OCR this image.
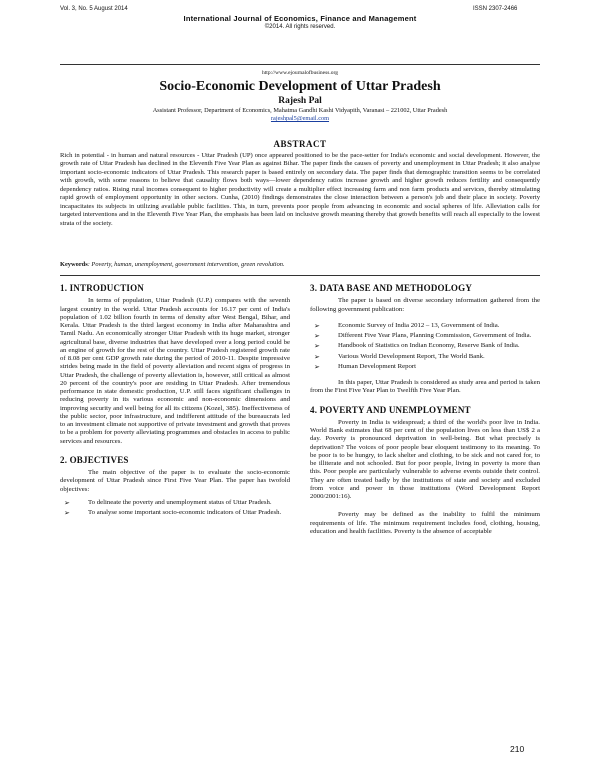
Vol. 3, No. 5 August 2014	ISSN 2307-2466
International Journal of Economics, Finance and Management
©2014. All rights reserved.
http://www.ejournalofbusiness.org
Socio-Economic Development of Uttar Pradesh
Rajesh Pal
Assistant Professor, Department of Economics, Mahatma Gandhi Kashi Vidyapith, Varanasi – 221002, Uttar Pradesh
rajeshpal5@email.com
ABSTRACT

Rich in potential - in human and natural resources - Uttar Pradesh (UP) once appeared positioned to be the pace-setter for India's economic and social development. However, the growth rate of Uttar Pradesh has declined in the Eleventh Five Year Plan as against Bihar. The paper finds the causes of poverty and unemployment in Uttar Pradesh; it also analyse important socio-economic indicators of Uttar Pradesh. This research paper is based entirely on secondary data. The paper finds that demographic transition seems to be correlated with growth, with some reasons to believe that causality flows both ways—lower dependency ratios increase growth and higher growth reduces fertility and consequently dependency ratios. Rising rural incomes consequent to higher productivity will create a multiplier effect increasing farm and non farm products and services, thereby stimulating rapid growth of employment opportunity in other sectors. Cunha, (2010) findings demonstrates the close interaction between a person's job and their place in society. Poverty incapacitates its subjects in utilizing available public facilities. This, in turn, prevents poor people from advancing in economic and social spheres of life. Alleviation calls for targeted interventions and in the Eleventh Five Year Plan, the emphasis has been laid on inclusive growth meaning thereby that growth benefits will reach all especially to the lowest strata of the society.

Keywords: Poverty, human, unemployment, government intervention, green revolution.

1. INTRODUCTION

In terms of population, Uttar Pradesh (U.P.) compares with the seventh largest country in the world. Uttar Pradesh accounts for 16.17 per cent of India's population of 1.02 billion fourth in terms of density after West Bengal, Bihar, and Kerala. Uttar Pradesh is the third largest economy in India after Maharashtra and Tamil Nadu. An economically stronger Uttar Pradesh with its huge market, stronger agricultural base, diverse industries that have developed over a long period could be an engine of growth for the rest of the country. Uttar Pradesh registered growth rate of 8.08 per cent GDP growth rate during the period of 2010-11. Despite impressive strides being made in the field of poverty alleviation and recent signs of progress in Uttar Pradesh, the challenge of poverty alleviation is, however, still critical as almost 20 percent of the country's poor are residing in Uttar Pradesh. After tremendous performance in state domestic production, U.P. still faces significant challenges in reducing poverty in its various economic and non-economic dimensions and improving security and well being for all its citizens (Kozel, 385). Ineffectiveness of the public sector, poor infrastructure, and indifferent attitude of the bureaucrats led to an investment climate not supportive of private investment and growth that proves to be a problem for poverty alleviating programmes and obstacles in access to public services and resources.

2. OBJECTIVES

The main objective of the paper is to evaluate the socio-economic development of Uttar Pradesh since First Five Year Plan. The paper has twofold objectives:

➢	To delineate the poverty and unemployment status of Uttar Pradesh.
➢	To analyse some important socio-economic indicators of Uttar Pradesh.
3. DATA BASE AND METHODOLOGY

The paper is based on diverse secondary information gathered from the following government publication:

➢	Economic Survey of India 2012 – 13, Government of India.
➢	Different Five Year Plans, Planning Commission, Government of India.
➢	Handbook of Statistics on Indian Economy, Reserve Bank of India.
➢	Various World Development Report, The World Bank.
➢	Human Development Report

In this paper, Uttar Pradesh is considered as study area and period is taken from the First Five Year Plan to Twelfth Five Year Plan.

4. POVERTY AND UNEMPLOYMENT

Poverty in India is widespread; a third of the world's poor live in India. World Bank estimates that 68 per cent of the population lives on less than US$ 2 a day. Poverty is pronounced deprivation in well-being. But what precisely is deprivation? The voices of poor people bear eloquent testimony to its meaning. To be poor is to be hungry, to lack shelter and clothing, to be sick and not cared for, to be illiterate and not schooled. But for poor people, living in poverty is more than this. Poor people are particularly vulnerable to adverse events outside their control. They are often treated badly by the institutions of state and society and excluded from voice and power in those institutions (Word Development Report 2000/2001:16).

Poverty may be defined as the inability to fulfil the minimum requirements of life. The minimum requirement includes food, clothing, housing, education and health facilities. Poverty is the absence of acceptable

210
